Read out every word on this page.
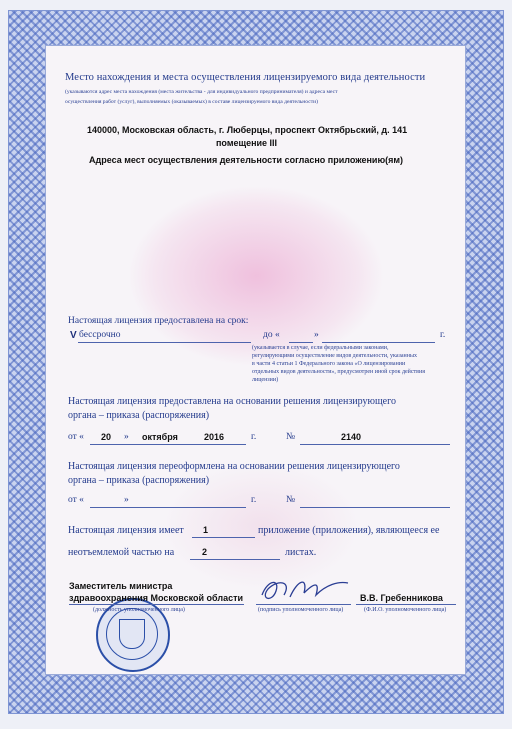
Место нахождения и места осуществления лицензируемого вида деятельности
(указываются адрес места нахождения (места жительства - для индивидуального предпринимателя) и адреса мест
осуществления работ (услуг), выполняемых (оказываемых) в составе лицензируемого вида деятельности)
140000, Московская область, г. Люберцы, проспект Октябрьский, д. 141
помещение III
Адреса мест осуществления деятельности согласно приложению(ям)
Настоящая лицензия предоставлена на срок:
V бессрочно	до «	»	г.
(указывается в случае, если федеральными законами,
регулирующими осуществление видов деятельности, указанных
в части 4 статьи 1 Федерального закона «О лицензировании
отдельных видов деятельности», предусмотрен иной срок действия
лицензии)
Настоящая лицензия предоставлена на основании решения лицензирующего
органа – приказа (распоряжения)
от « 20 » октября	2016	г.	№	2140
Настоящая лицензия переоформлена на основании решения лицензирующего
органа – приказа (распоряжения)
от «	»	г.	№
Настоящая лицензия имеет 1	приложение (приложения), являющееся ее
неотъемлемой частью на	2	листах.
Заместитель министра
здравоохранения Московской области
(должность уполномоченного лица)	(подпись уполномоченного лица)
В.В. Гребенникова
(Ф.И.О. уполномоченного лица)
